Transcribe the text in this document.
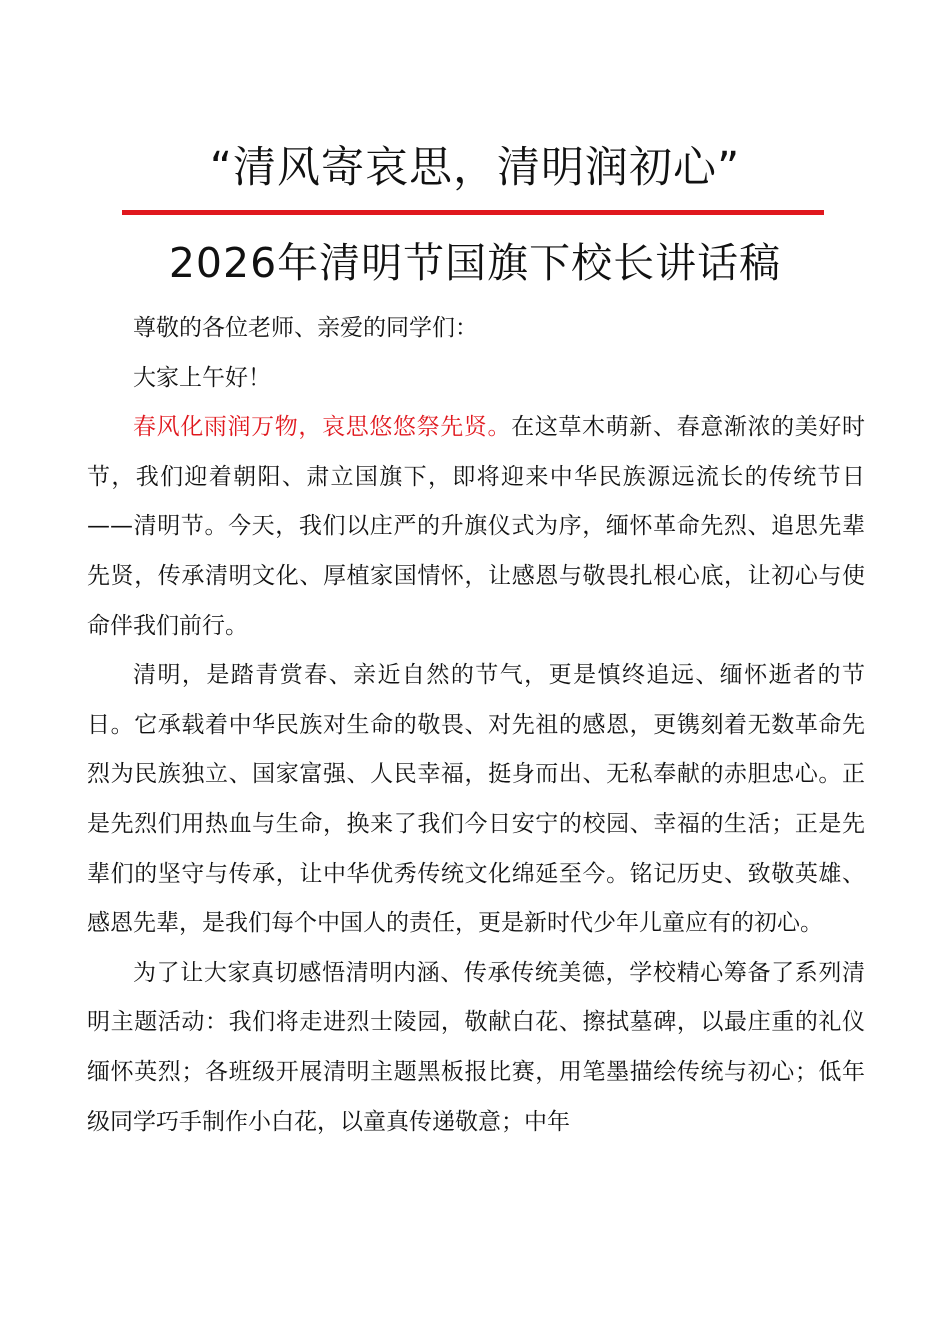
“清风寄哀思，清明润初心”
2026年清明节国旗下校长讲话稿

尊敬的各位老师、亲爱的同学们：

大家上午好！

春风化雨润万物，哀思悠悠祭先贤。在这草木萌新、春意渐浓的美好时节，我们迎着朝阳、肃立国旗下，即将迎来中华民族源远流长的传统节日——清明节。今天，我们以庄严的升旗仪式为序，缅怀革命先烈、追思先辈先贤，传承清明文化、厚植家国情怀，让感恩与敬畏扎根心底，让初心与使命伴我们前行。

清明，是踏青赏春、亲近自然的节气，更是慎终追远、缅怀逝者的节日。它承载着中华民族对生命的敬畏、对先祖的感恩，更镌刻着无数革命先烈为民族独立、国家富强、人民幸福，挺身而出、无私奉献的赤胆忠心。正是先烈们用热血与生命，换来了我们今日安宁的校园、幸福的生活；正是先辈们的坚守与传承，让中华优秀传统文化绵延至今。铭记历史、致敬英雄、感恩先辈，是我们每个中国人的责任，更是新时代少年儿童应有的初心。

为了让大家真切感悟清明内涵、传承传统美德，学校精心筹备了系列清明主题活动：我们将走进烈士陵园，敬献白花、擦拭墓碑，以最庄重的礼仪缅怀英烈；各班级开展清明主题黑板报比赛，用笔墨描绘传统与初心；低年级同学巧手制作小白花，以童真传递敬意；中年
